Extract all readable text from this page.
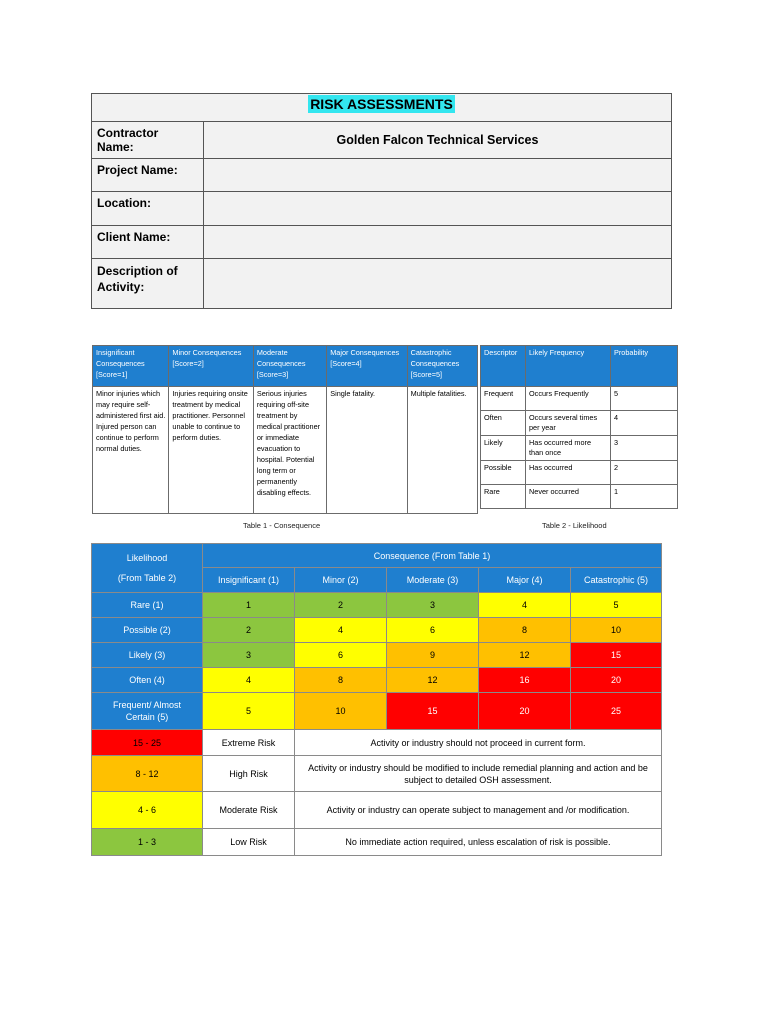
RISK ASSESSMENTS	
Contractor Name:	Golden Falcon Technical Services
Project Name:	
Location:	
Client Name:	
Description of Activity:	
Insignificant Consequences [Score=1]	Minor Consequences [Score=2]	Moderate Consequences [Score=3]	Major Consequences [Score=4]	Catastrophic Consequences [Score=5]
Minor injuries which may require self-administered first aid. Injured person can continue to perform normal duties.	Injuries requiring onsite treatment by medical practitioner. Personnel unable to continue to perform duties.	Serious injuries requiring off-site treatment by medical practitioner or immediate evacuation to hospital. Potential long term or permanently disabling effects.	Single fatality.	Multiple fatalities.
Table 1 - Consequence
Descriptor	Likely Frequency	Probability
Frequent	Occurs Frequently	5
Often	Occurs several times per year	4
Likely	Has occurred more than once	3
Possible	Has occurred	2
Rare	Never occurred	1
Table 2 - Likelihood
Likelihood
(From Table 2)	Consequence (From Table 1)				
	Insignificant (1)	Minor (2)	Moderate (3)	Major (4)	Catastrophic (5)
Rare (1)	1	2	3	4	5
Possible (2)	2	4	6	8	10
Likely (3)	3	6	9	12	15
Often (4)	4	8	12	16	20
Frequent/ Almost Certain (5)	5	10	15	20	25
15 - 25	Extreme Risk	Activity or industry should not proceed in current form.			
8 - 12	High Risk	Activity or industry should be modified to include remedial planning and action and be subject to detailed OSH assessment.			
4 - 6	Moderate Risk	Activity or industry can operate subject to management and /or modification.			
1 - 3	Low Risk	No immediate action required, unless escalation of risk is possible.			
